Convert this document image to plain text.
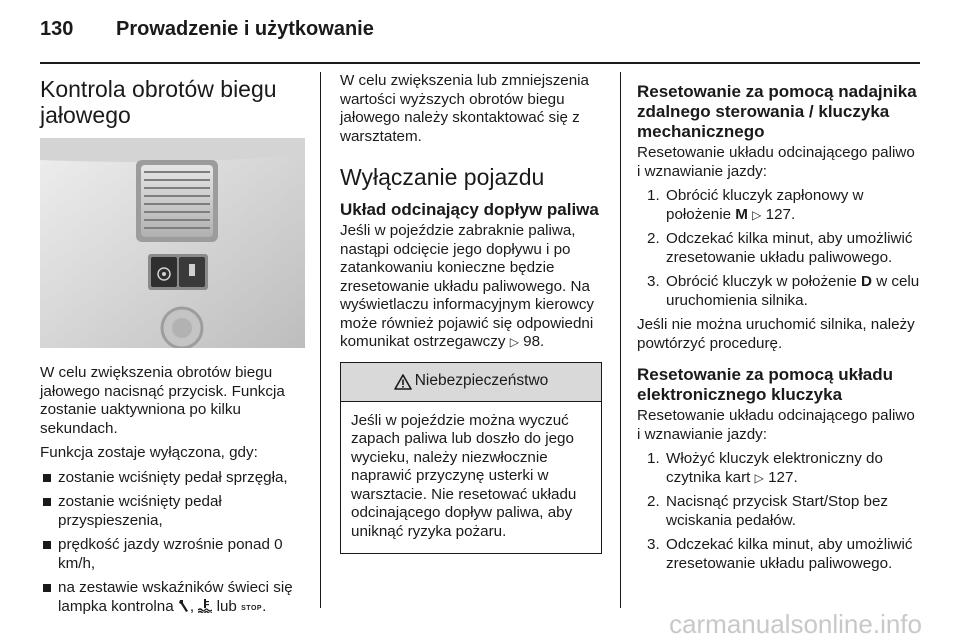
130 Prowadzenie i użytkowanie
Kontrola obrotów biegu jałowego

W celu zwiększenia obrotów biegu jałowego nacisnąć przycisk. Funkcja zostanie uaktywniona po kilku sekundach.

Funkcja zostaje wyłączona, gdy:

zostanie wciśnięty pedał sprzęgła,
zostanie wciśnięty pedał przyspieszenia,
prędkość jazdy wzrośnie ponad 0 km/h,
na zestawie wskaźników świeci się lampka kontrolna , lub STOP.

W celu zwiększenia lub zmniejszenia wartości wyższych obrotów biegu jałowego należy skontaktować się z warsztatem.

Wyłączanie pojazdu
Układ odcinający dopływ paliwa

Jeśli w pojeździe zabraknie paliwa, nastąpi odcięcie jego dopływu i po zatankowaniu konieczne będzie zresetowanie układu paliwowego. Na wyświetlaczu informacyjnym kierowcy może również pojawić się odpowiedni komunikat ostrzegawczy ▷ 98.

Niebezpieczeństwo
Jeśli w pojeździe można wyczuć zapach paliwa lub doszło do jego wycieku, należy niezwłocznie naprawić przyczynę usterki w warsztacie. Nie resetować układu odcinającego dopływ paliwa, aby uniknąć ryzyka pożaru.
Resetowanie za pomocą nadajnika zdalnego sterowania / kluczyka mechanicznego

Resetowanie układu odcinającego paliwo i wznawianie jazdy:

1. Obrócić kluczyk zapłonowy w położenie M ▷ 127.
2. Odczekać kilka minut, aby umożliwić zresetowanie układu paliwowego.
3. Obrócić kluczyk w położenie D w celu uruchomienia silnika.

Jeśli nie można uruchomić silnika, należy powtórzyć procedurę.

Resetowanie za pomocą układu elektronicznego kluczyka

Resetowanie układu odcinającego paliwo i wznawianie jazdy:

1. Włożyć kluczyk elektroniczny do czytnika kart ▷ 127.
2. Nacisnąć przycisk Start/Stop bez wciskania pedałów.
3. Odczekać kilka minut, aby umożliwić zresetowanie układu paliwowego.
carmanualsonline.info
